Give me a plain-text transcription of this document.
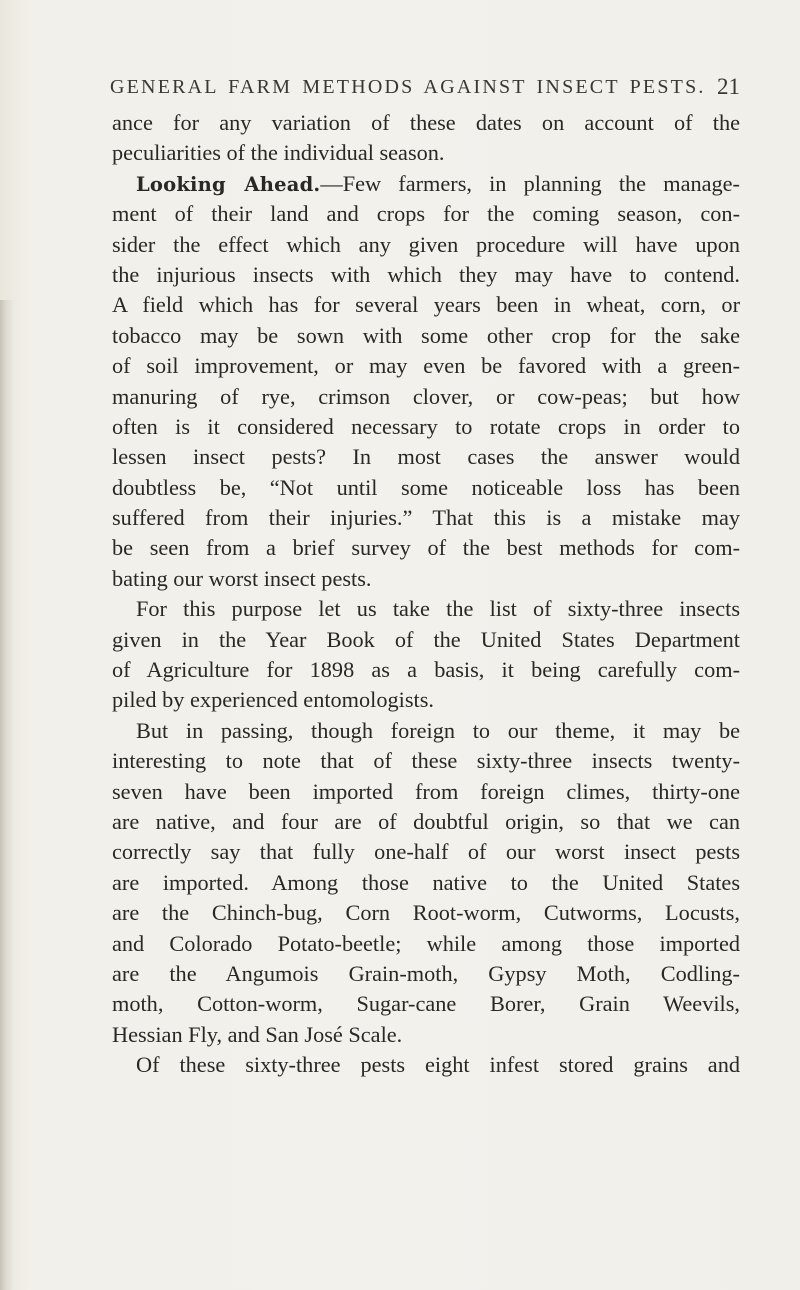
GENERAL FARM METHODS AGAINST INSECT PESTS. 21
ance for any variation of these dates on account of the
peculiarities of the individual season.
Looking Ahead.—Few farmers, in planning the manage-
ment of their land and crops for the coming season, con-
sider the effect which any given procedure will have upon
the injurious insects with which they may have to contend.
A field which has for several years been in wheat, corn, or
tobacco may be sown with some other crop for the sake
of soil improvement, or may even be favored with a green-
manuring of rye, crimson clover, or cow-peas; but how
often is it considered necessary to rotate crops in order to
lessen insect pests? In most cases the answer would
doubtless be, “Not until some noticeable loss has been
suffered from their injuries.” That this is a mistake may
be seen from a brief survey of the best methods for com-
bating our worst insect pests.
For this purpose let us take the list of sixty-three insects
given in the Year Book of the United States Department
of Agriculture for 1898 as a basis, it being carefully com-
piled by experienced entomologists.
But in passing, though foreign to our theme, it may be
interesting to note that of these sixty-three insects twenty-
seven have been imported from foreign climes, thirty-one
are native, and four are of doubtful origin, so that we can
correctly say that fully one-half of our worst insect pests
are imported. Among those native to the United States
are the Chinch-bug, Corn Root-worm, Cutworms, Locusts,
and Colorado Potato-beetle; while among those imported
are the Angumois Grain-moth, Gypsy Moth, Codling-
moth, Cotton-worm, Sugar-cane Borer, Grain Weevils,
Hessian Fly, and San José Scale.
Of these sixty-three pests eight infest stored grains and
